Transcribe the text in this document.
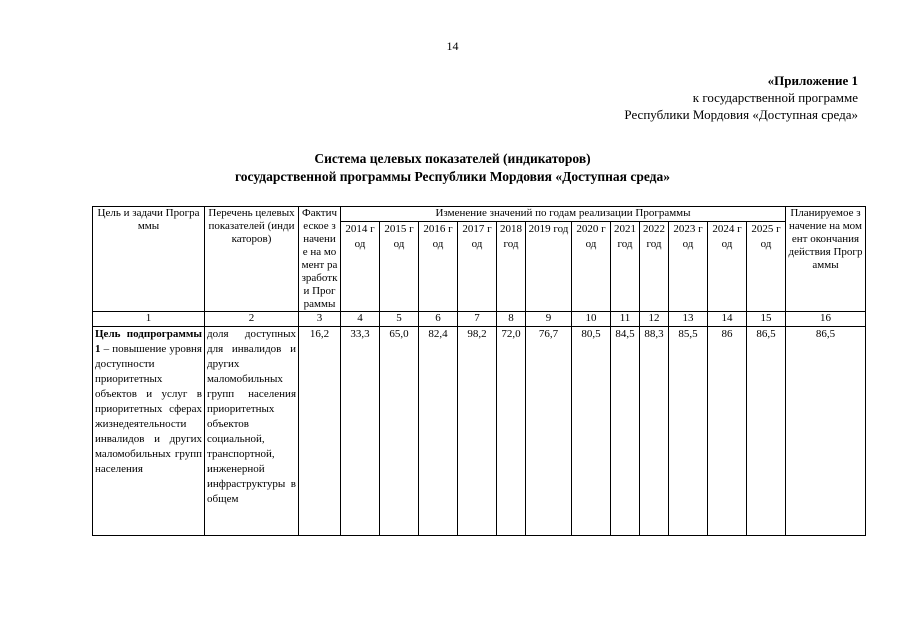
14
«Приложение 1
к государственной программе
Республики Мордовия «Доступная среда»
Система целевых показателей (индикаторов)
государственной программы Республики Мордовия «Доступная среда»
Цель и задачи Программы	Перечень целевых показателей (индикаторов)	Фактическое значение на момент разработки Программы	Изменение значений по годам реализации Программы												Планируемое значение на момент окончания действия Программы
			2014 год	2015 год	2016 год	2017 год	2018 год	2019 год	2020 год	2021 год	2022 год	2023 год	2024 год	2025 год	
1	2	3	4	5	6	7	8	9	10	11	12	13	14	15	16
Цель подпрограммы 1 – повышение уровня доступности приоритетных объектов и услуг в приоритетных сферах жизнедеятельности инвалидов и других маломобильных групп населения	доля доступных для инвалидов и других маломобильных групп населения приоритетных объектов социальной, транспортной, инженерной инфраструктуры в общем	16,2	33,3	65,0	82,4	98,2	72,0	76,7	80,5	84,5	88,3	85,5	86	86,5	86,5
